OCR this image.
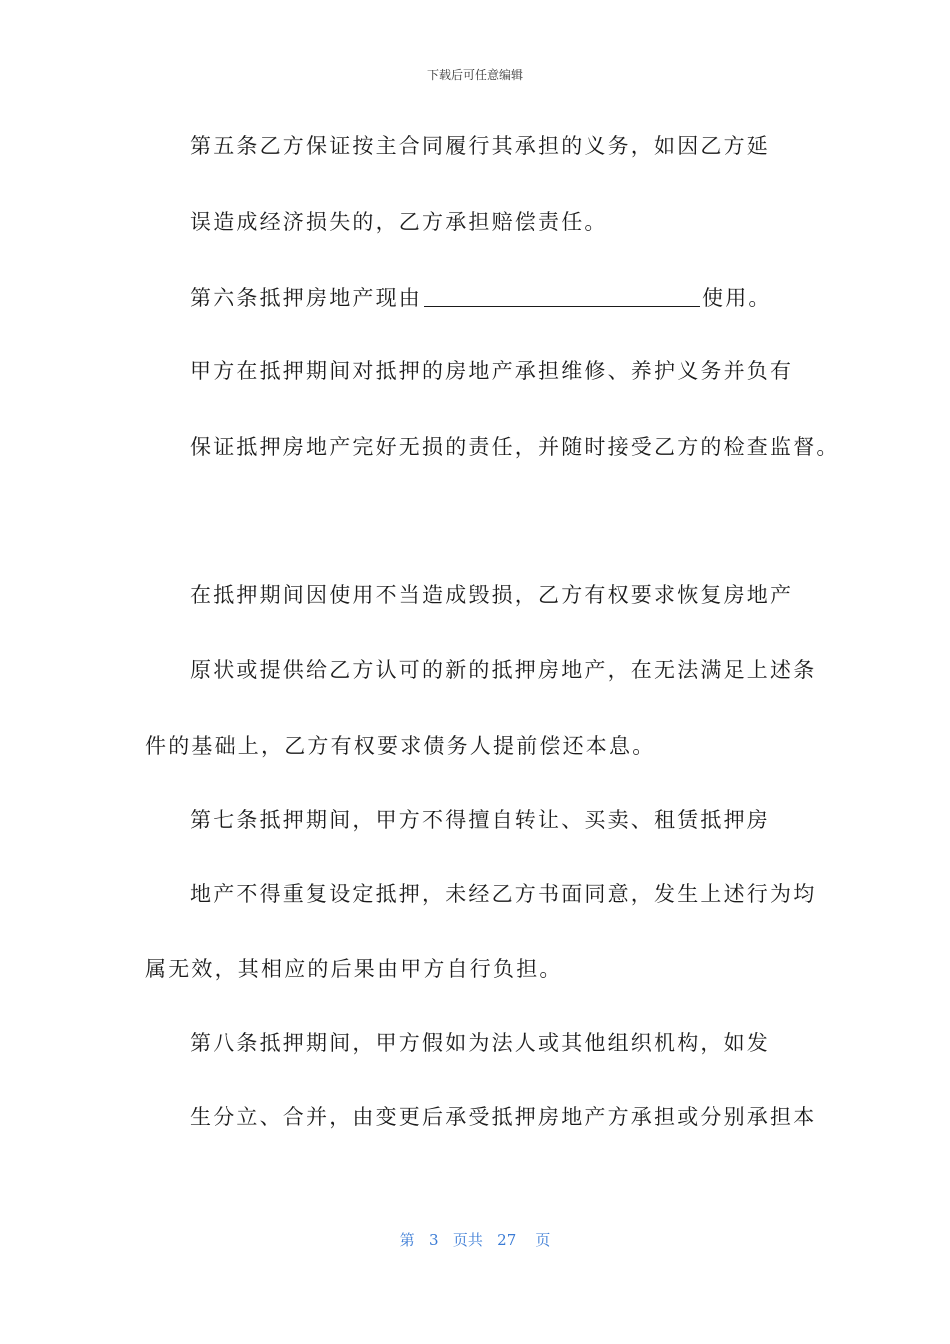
下载后可任意编辑
第五条乙方保证按主合同履行其承担的义务，如因乙方延
误造成经济损失的，乙方承担赔偿责任。
第六条抵押房地产现由	使用。
甲方在抵押期间对抵押的房地产承担维修、养护义务并负有
保证抵押房地产完好无损的责任，并随时接受乙方的检查监督。
在抵押期间因使用不当造成毁损，乙方有权要求恢复房地产
原状或提供给乙方认可的新的抵押房地产，在无法满足上述条
件的基础上，乙方有权要求债务人提前偿还本息。
第七条抵押期间，甲方不得擅自转让、买卖、租赁抵押房
地产不得重复设定抵押，未经乙方书面同意，发生上述行为均
属无效，其相应的后果由甲方自行负担。
第八条抵押期间，甲方假如为法人或其他组织机构，如发
生分立、合并，由变更后承受抵押房地产方承担或分别承担本
第 3 页共 27 页
